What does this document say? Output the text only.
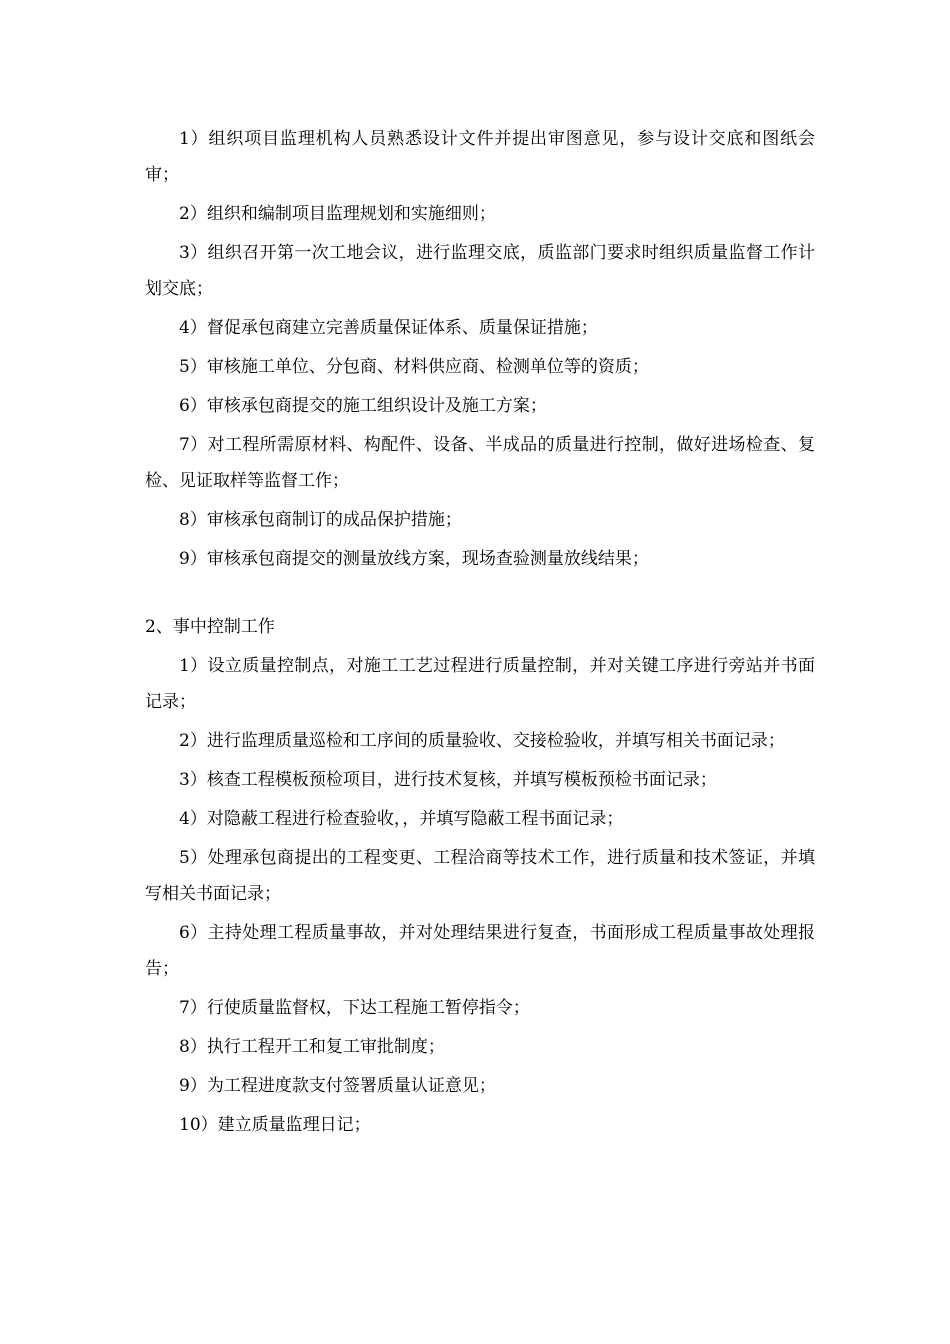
1）组织项目监理机构人员熟悉设计文件并提出审图意见，参与设计交底和图纸会审；

2）组织和编制项目监理规划和实施细则；

3）组织召开第一次工地会议，进行监理交底，质监部门要求时组织质量监督工作计划交底；

4）督促承包商建立完善质量保证体系、质量保证措施；

5）审核施工单位、分包商、材料供应商、检测单位等的资质；

6）审核承包商提交的施工组织设计及施工方案；

7）对工程所需原材料、构配件、设备、半成品的质量进行控制，做好进场检查、复检、见证取样等监督工作；

8）审核承包商制订的成品保护措施；

9）审核承包商提交的测量放线方案，现场查验测量放线结果；

2、事中控制工作

1）设立质量控制点，对施工工艺过程进行质量控制，并对关键工序进行旁站并书面记录；

2）进行监理质量巡检和工序间的质量验收、交接检验收，并填写相关书面记录；

3）核查工程模板预检项目，进行技术复核，并填写模板预检书面记录；

4）对隐蔽工程进行检查验收，，并填写隐蔽工程书面记录；

5）处理承包商提出的工程变更、工程洽商等技术工作，进行质量和技术签证，并填写相关书面记录；

6）主持处理工程质量事故，并对处理结果进行复查，书面形成工程质量事故处理报告；

7）行使质量监督权，下达工程施工暂停指令；

8）执行工程开工和复工审批制度；

9）为工程进度款支付签署质量认证意见；

10）建立质量监理日记；
